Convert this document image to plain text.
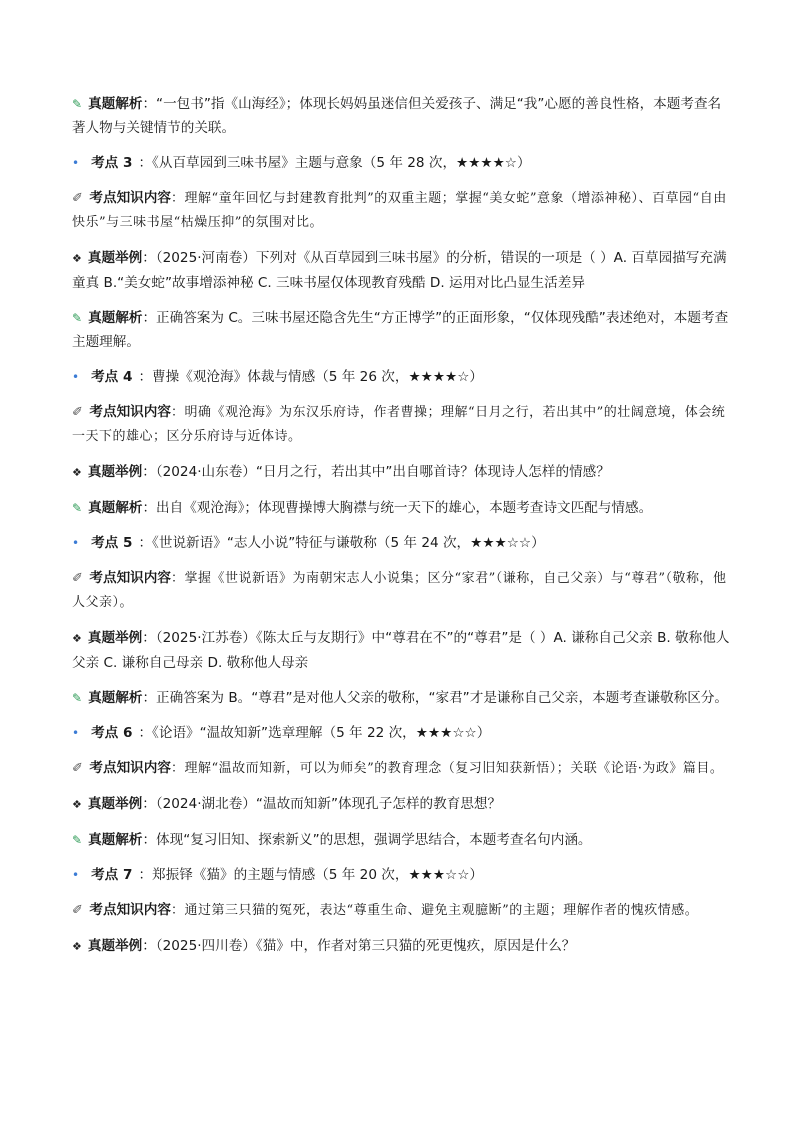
✎ 真题解析：“一包书”指《山海经》；体现长妈妈虽迷信但关爱孩子、满足“我”心愿的善良性格，本题考查名著人物与关键情节的关联。
• 考点 3 ：《从百草园到三味书屋》主题与意象（5 年 28 次，★★★★☆）
✐ 考点知识内容：理解“童年回忆与封建教育批判”的双重主题；掌握“美女蛇”意象（增添神秘）、百草园“自由快乐”与三味书屋“枯燥压抑”的氛围对比。
❖ 真题举例：（2025·河南卷）下列对《从百草园到三味书屋》的分析，错误的一项是（ ）A. 百草园描写充满童真 B.“美女蛇”故事增添神秘 C. 三味书屋仅体现教育残酷 D. 运用对比凸显生活差异
✎ 真题解析：正确答案为 C。三味书屋还隐含先生“方正博学”的正面形象，“仅体现残酷”表述绝对，本题考查主题理解。
• 考点 4 ：曹操《观沧海》体裁与情感（5 年 26 次，★★★★☆）
✐ 考点知识内容：明确《观沧海》为东汉乐府诗，作者曹操；理解“日月之行，若出其中”的壮阔意境，体会统一天下的雄心；区分乐府诗与近体诗。
❖ 真题举例：（2024·山东卷）“日月之行，若出其中”出自哪首诗？体现诗人怎样的情感？
✎ 真题解析：出自《观沧海》；体现曹操博大胸襟与统一天下的雄心，本题考查诗文匹配与情感。
• 考点 5 ：《世说新语》“志人小说”特征与谦敬称（5 年 24 次，★★★☆☆）
✐ 考点知识内容：掌握《世说新语》为南朝宋志人小说集；区分“家君”（谦称，自己父亲）与“尊君”（敬称，他人父亲）。
❖ 真题举例：（2025·江苏卷）《陈太丘与友期行》中“尊君在不”的“尊君”是（ ）A. 谦称自己父亲 B. 敬称他人父亲 C. 谦称自己母亲 D. 敬称他人母亲
✎ 真题解析：正确答案为 B。“尊君”是对他人父亲的敬称，“家君”才是谦称自己父亲，本题考查谦敬称区分。
• 考点 6 ：《论语》“温故知新”选章理解（5 年 22 次，★★★☆☆）
✐ 考点知识内容：理解“温故而知新，可以为师矣”的教育理念（复习旧知获新悟）；关联《论语·为政》篇目。
❖ 真题举例：（2024·湖北卷）“温故而知新”体现孔子怎样的教育思想？
✎ 真题解析：体现“复习旧知、探索新义”的思想，强调学思结合，本题考查名句内涵。
• 考点 7 ：郑振铎《猫》的主题与情感（5 年 20 次，★★★☆☆）
✐ 考点知识内容：通过第三只猫的冤死，表达“尊重生命、避免主观臆断”的主题；理解作者的愧疚情感。
❖ 真题举例：（2025·四川卷）《猫》中，作者对第三只猫的死更愧疚，原因是什么？
